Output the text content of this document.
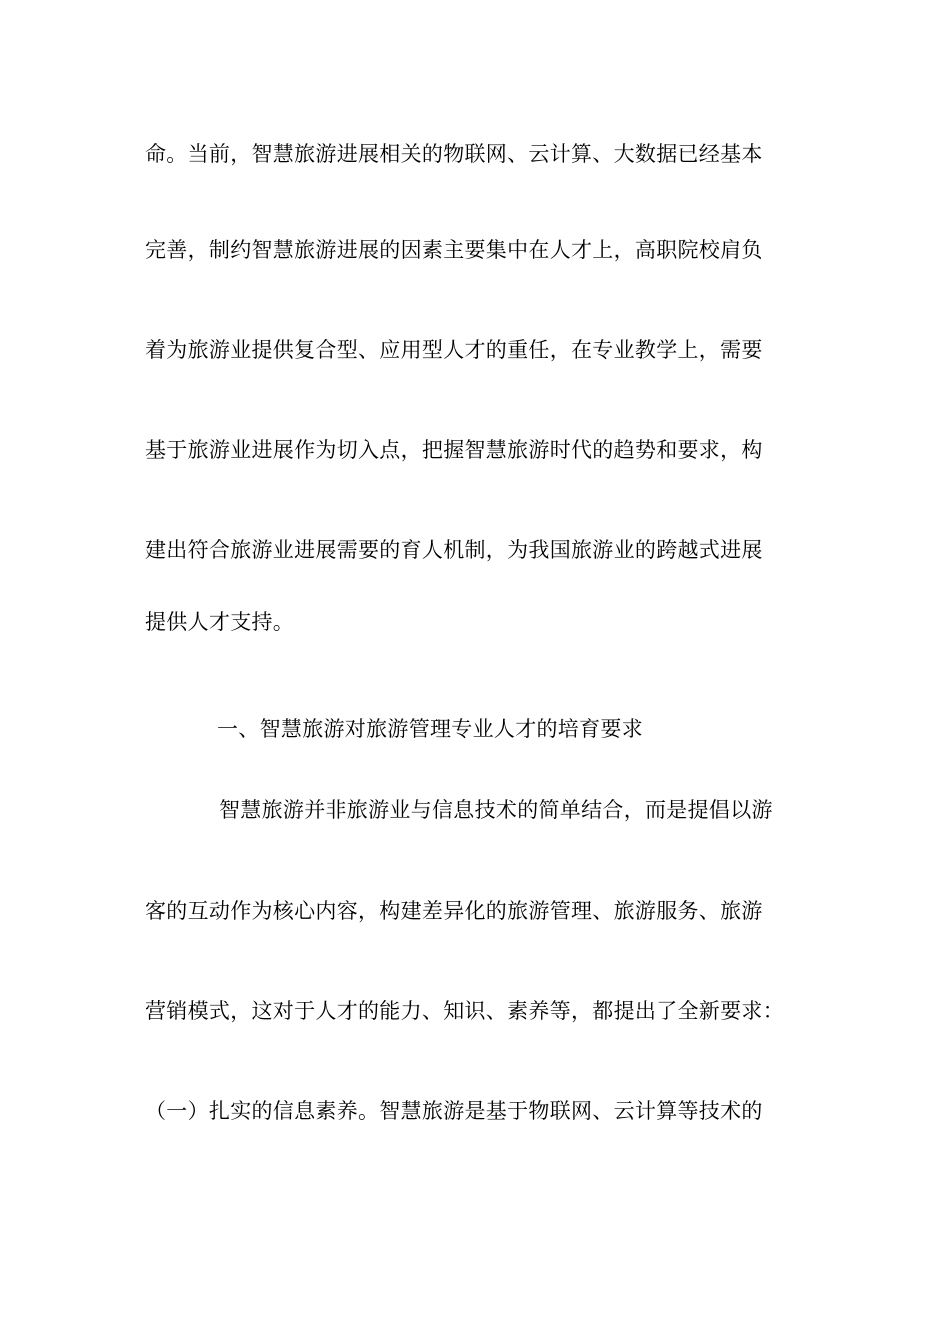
命。当前，智慧旅游进展相关的物联网、云计算、大数据已经基本
完善，制约智慧旅游进展的因素主要集中在人才上，高职院校肩负
着为旅游业提供复合型、应用型人才的重任，在专业教学上，需要
基于旅游业进展作为切入点，把握智慧旅游时代的趋势和要求，构
建出符合旅游业进展需要的育人机制，为我国旅游业的跨越式进展
提供人才支持。
一、智慧旅游对旅游管理专业人才的培育要求
智慧旅游并非旅游业与信息技术的简单结合，而是提倡以游
客的互动作为核心内容，构建差异化的旅游管理、旅游服务、旅游
营销模式，这对于人才的能力、知识、素养等，都提出了全新要求：
（一）扎实的信息素养。智慧旅游是基于物联网、云计算等技术的
